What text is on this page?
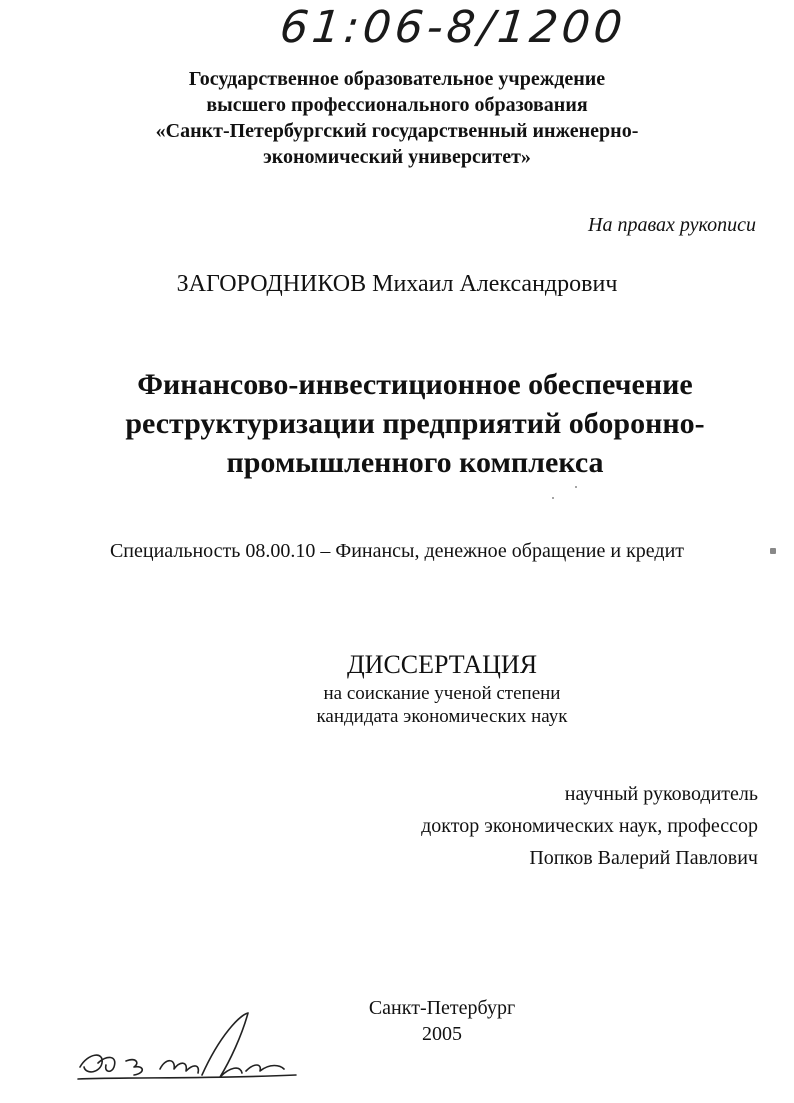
61:06-8/1200
Государственное образовательное учреждение
высшего профессионального образования
«Санкт-Петербургский государственный инженерно-
экономический университет»
На правах рукописи
ЗАГОРОДНИКОВ Михаил Александрович
Финансово-инвестиционное обеспечение
реструктуризации предприятий оборонно-
промышленного комплекса
Специальность 08.00.10 – Финансы, денежное обращение и кредит
ДИССЕРТАЦИЯ
на соискание ученой степени
кандидата экономических наук
научный руководитель
доктор экономических наук, профессор
Попков Валерий Павлович
Санкт-Петербург
2005
